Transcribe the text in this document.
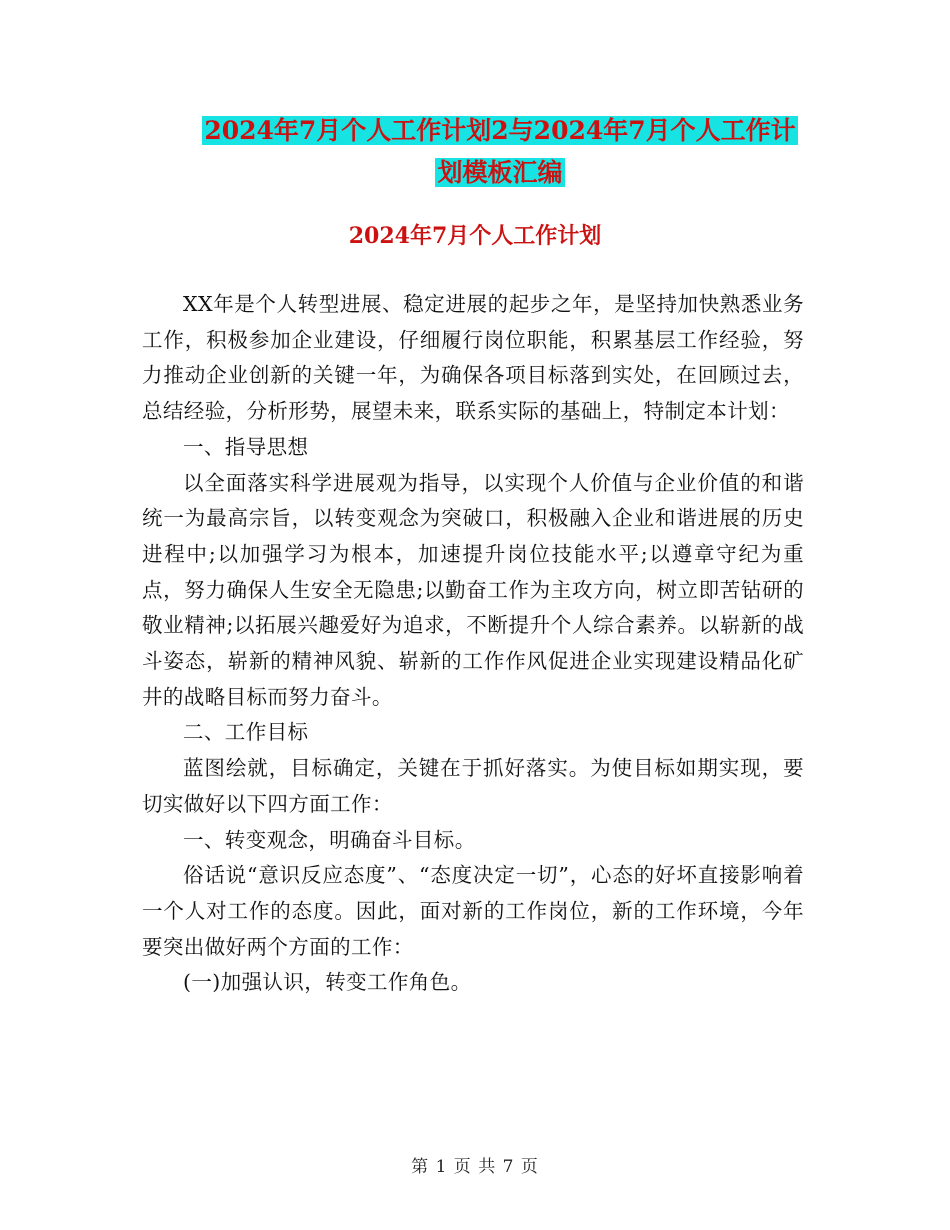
2024年7月个人工作计划2与2024年7月个人工作计
划模板汇编
2024年7月个人工作计划

XX年是个人转型进展、稳定进展的起步之年，是坚持加快熟悉业务工作，积极参加企业建设，仔细履行岗位职能，积累基层工作经验，努力推动企业创新的关键一年，为确保各项目标落到实处，在回顾过去，总结经验，分析形势，展望未来，联系实际的基础上，特制定本计划：

一、指导思想

以全面落实科学进展观为指导，以实现个人价值与企业价值的和谐统一为最高宗旨，以转变观念为突破口，积极融入企业和谐进展的历史进程中;以加强学习为根本，加速提升岗位技能水平;以遵章守纪为重点，努力确保人生安全无隐患;以勤奋工作为主攻方向，树立即苦钻研的敬业精神;以拓展兴趣爱好为追求，不断提升个人综合素养。以崭新的战斗姿态，崭新的精神风貌、崭新的工作作风促进企业实现建设精品化矿井的战略目标而努力奋斗。

二、工作目标

蓝图绘就，目标确定，关键在于抓好落实。为使目标如期实现，要切实做好以下四方面工作：

一、转变观念，明确奋斗目标。

俗话说“意识反应态度”、“态度决定一切”，心态的好坏直接影响着一个人对工作的态度。因此，面对新的工作岗位，新的工作环境，今年要突出做好两个方面的工作：

(一)加强认识，转变工作角色。

第 1 页 共 7 页
